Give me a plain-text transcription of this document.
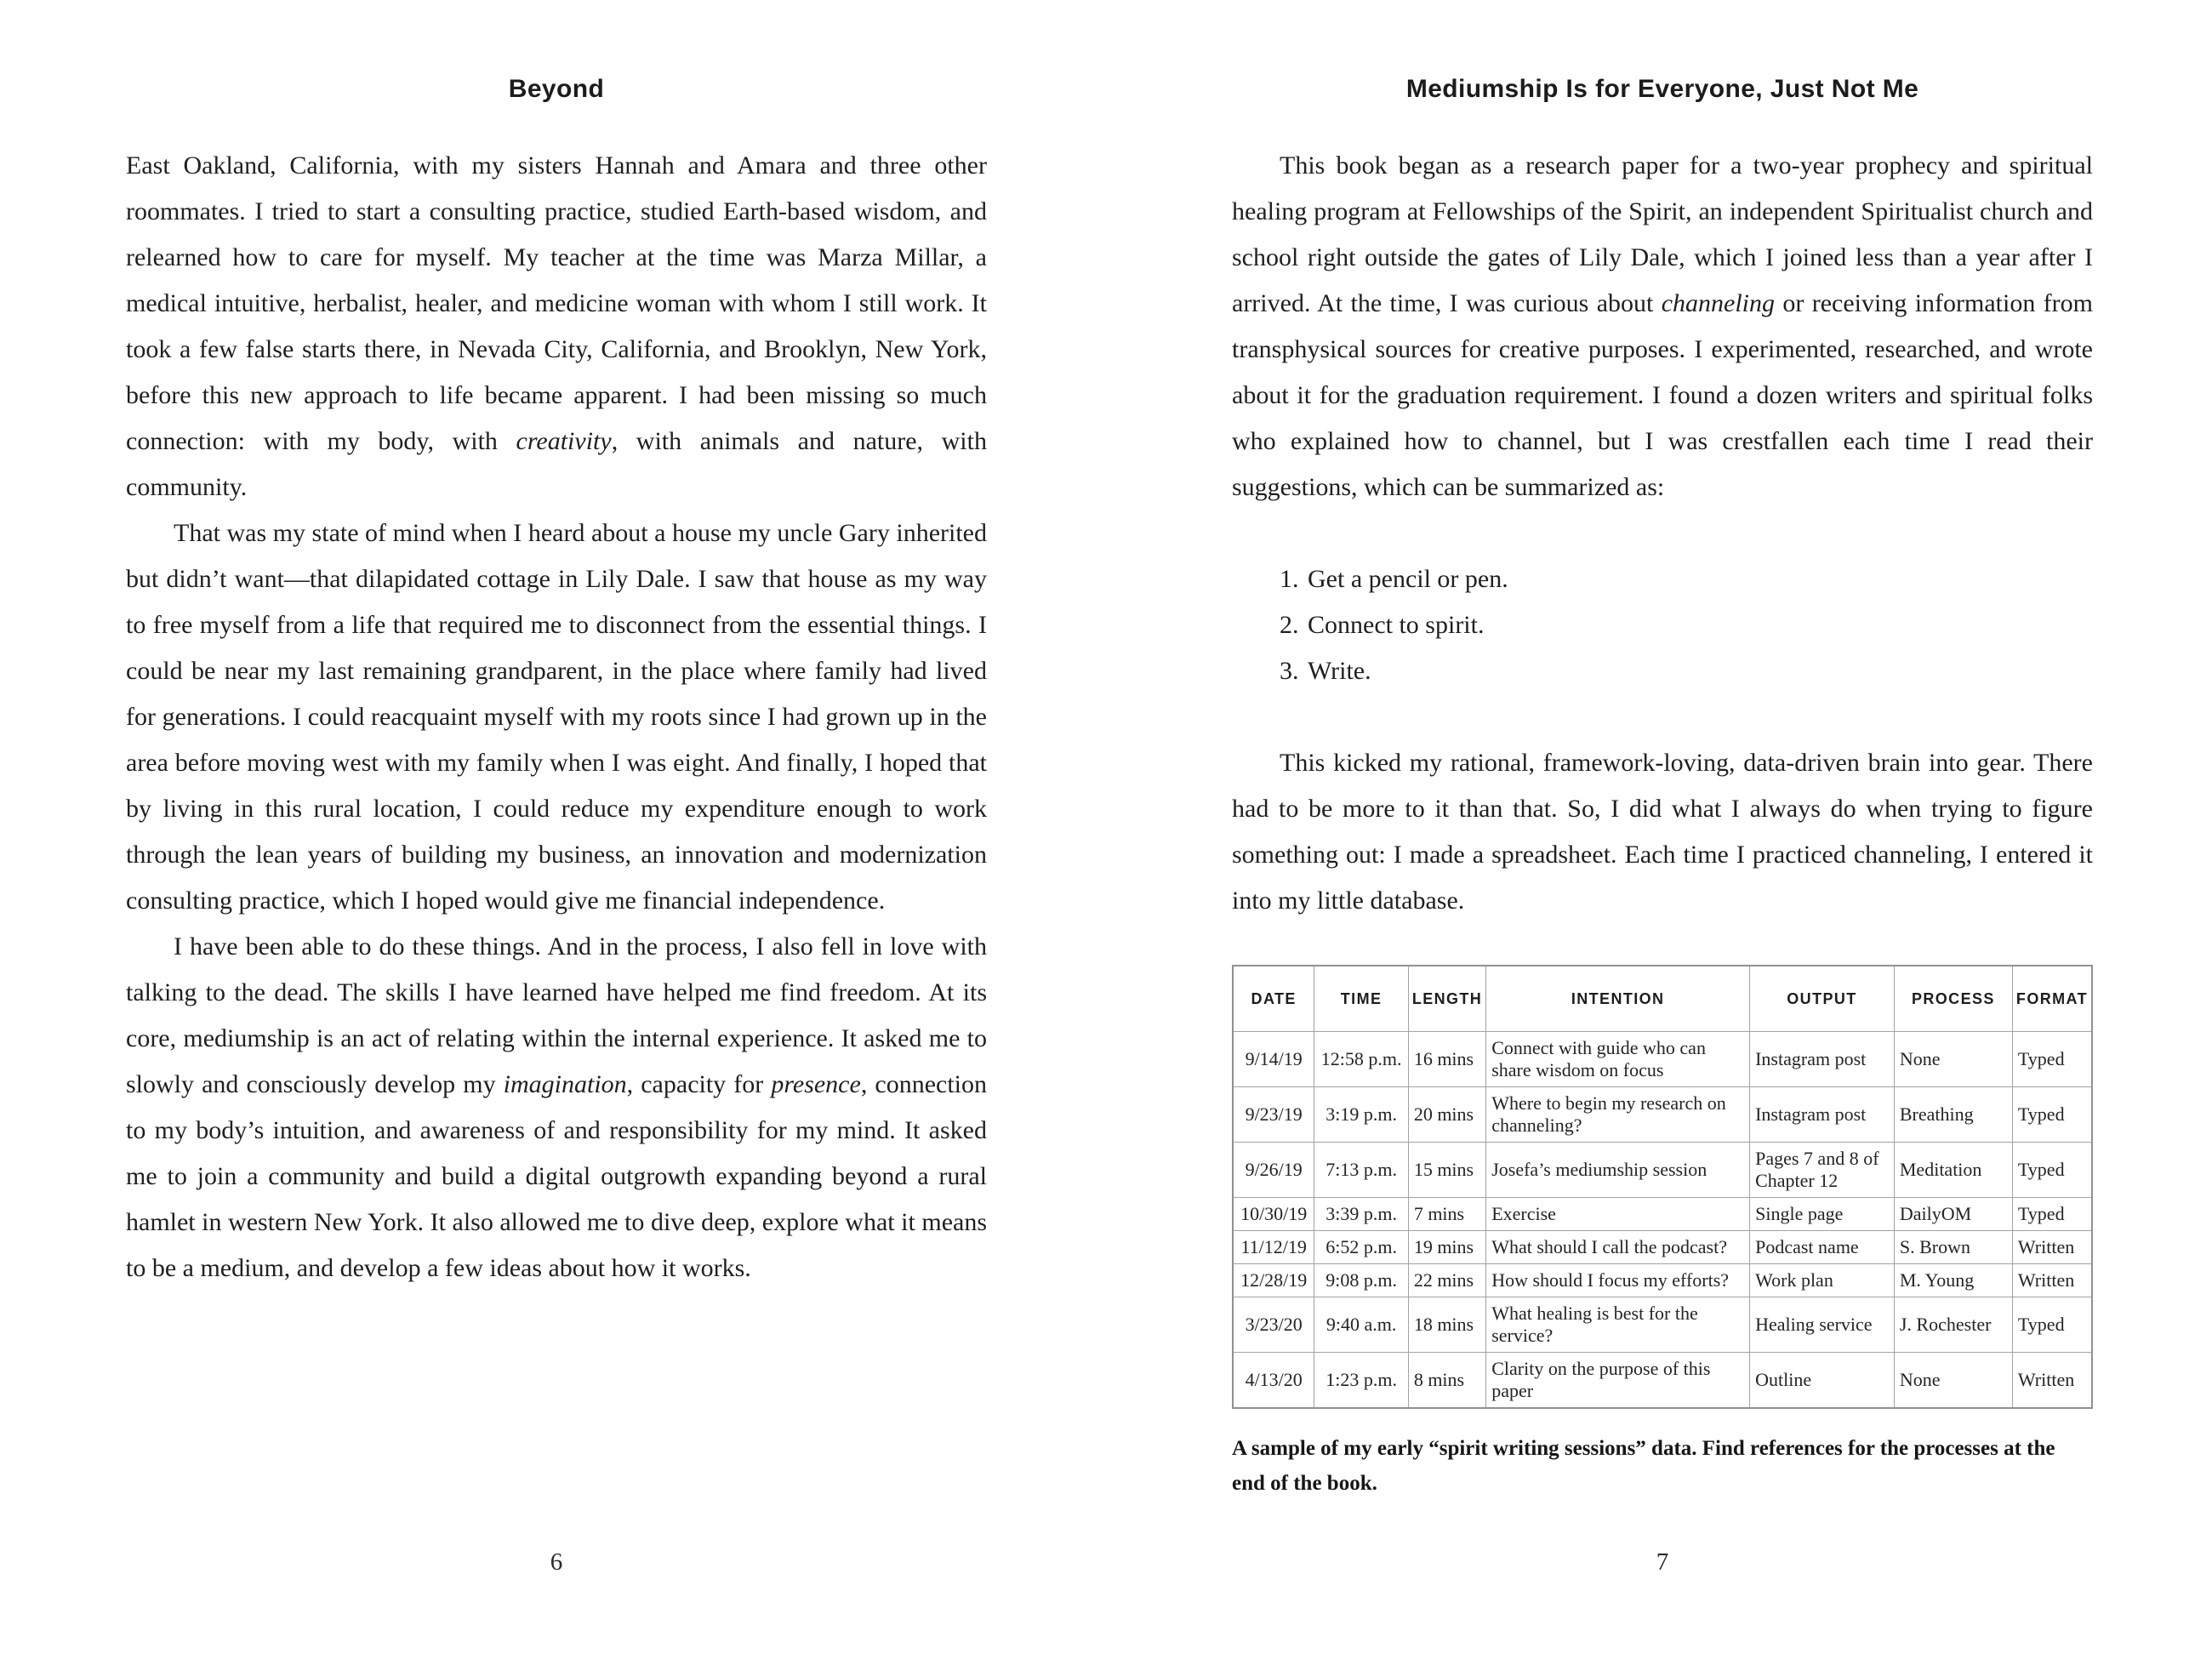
Beyond

East Oakland, California, with my sisters Hannah and Amara and three other roommates. I tried to start a consulting practice, studied Earth-based wisdom, and relearned how to care for myself. My teacher at the time was Marza Millar, a medical intuitive, herbalist, healer, and medicine woman with whom I still work. It took a few false starts there, in Nevada City, California, and Brooklyn, New York, before this new approach to life became apparent. I had been missing so much connection: with my body, with creativity, with animals and nature, with community.

That was my state of mind when I heard about a house my uncle Gary inherited but didn’t want—that dilapidated cottage in Lily Dale. I saw that house as my way to free myself from a life that required me to disconnect from the essential things. I could be near my last remaining grandparent, in the place where family had lived for generations. I could reacquaint myself with my roots since I had grown up in the area before moving west with my family when I was eight. And finally, I hoped that by living in this rural location, I could reduce my expenditure enough to work through the lean years of building my business, an innovation and modernization consulting practice, which I hoped would give me financial independence.

I have been able to do these things. And in the process, I also fell in love with talking to the dead. The skills I have learned have helped me find freedom. At its core, mediumship is an act of relating within the internal experience. It asked me to slowly and consciously develop my imagination, capacity for presence, connection to my body’s intuition, and awareness of and responsibility for my mind. It asked me to join a community and build a digital outgrowth expanding beyond a rural hamlet in western New York. It also allowed me to dive deep, explore what it means to be a medium, and develop a few ideas about how it works.

6
Mediumship Is for Everyone, Just Not Me

This book began as a research paper for a two-year prophecy and spiritual healing program at Fellowships of the Spirit, an independent Spiritualist church and school right outside the gates of Lily Dale, which I joined less than a year after I arrived. At the time, I was curious about channeling or receiving information from transphysical sources for creative purposes. I experimented, researched, and wrote about it for the graduation requirement. I found a dozen writers and spiritual folks who explained how to channel, but I was crestfallen each time I read their suggestions, which can be summarized as:

1. Get a pencil or pen.
2. Connect to spirit.
3. Write.

This kicked my rational, framework-loving, data-driven brain into gear. There had to be more to it than that. So, I did what I always do when trying to figure something out: I made a spreadsheet. Each time I practiced channeling, I entered it into my little database.

DATE	TIME	LENGTH	INTENTION	OUTPUT	PROCESS	FORMAT
9/14/19	12:58 p.m.	16 mins	Connect with guide who can share wisdom on focus	Instagram post	None	Typed
9/23/19	3:19 p.m.	20 mins	Where to begin my research on channeling?	Instagram post	Breathing	Typed
9/26/19	7:13 p.m.	15 mins	Josefa’s mediumship session	Pages 7 and 8 of Chapter 12	Meditation	Typed
10/30/19	3:39 p.m.	7 mins	Exercise	Single page	DailyOM	Typed
11/12/19	6:52 p.m.	19 mins	What should I call the podcast?	Podcast name	S. Brown	Written
12/28/19	9:08 p.m.	22 mins	How should I focus my efforts?	Work plan	M. Young	Written
3/23/20	9:40 a.m.	18 mins	What healing is best for the service?	Healing service	J. Rochester	Typed
4/13/20	1:23 p.m.	8 mins	Clarity on the purpose of this paper	Outline	None	Written

A sample of my early “spirit writing sessions” data. Find references for the processes at the end of the book.

7
